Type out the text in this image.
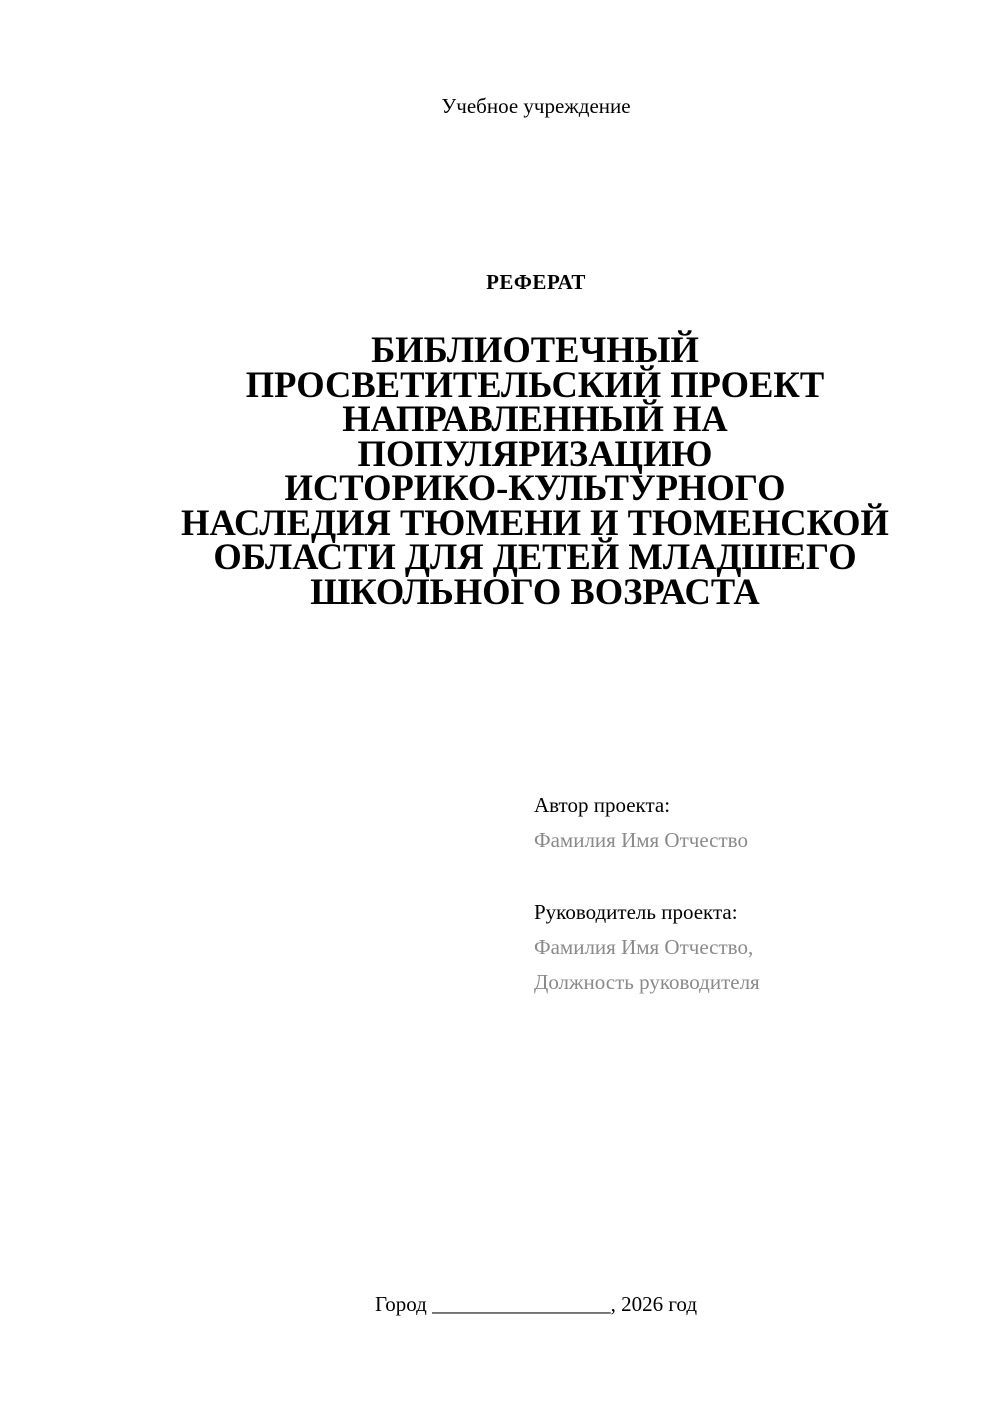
Учебное учреждение
РЕФЕРАТ
БИБЛИОТЕЧНЫЙ
ПРОСВЕТИТЕЛЬСКИЙ ПРОЕКТ
НАПРАВЛЕННЫЙ НА
ПОПУЛЯРИЗАЦИЮ
ИСТОРИКО-КУЛЬТУРНОГО
НАСЛЕДИЯ ТЮМЕНИ И ТЮМЕНСКОЙ
ОБЛАСТИ ДЛЯ ДЕТЕЙ МЛАДШЕГО
ШКОЛЬНОГО ВОЗРАСТА
Автор проекта:
Фамилия Имя Отчество
Руководитель проекта:
Фамилия Имя Отчество,
Должность руководителя
Город _________________, 2026 год
